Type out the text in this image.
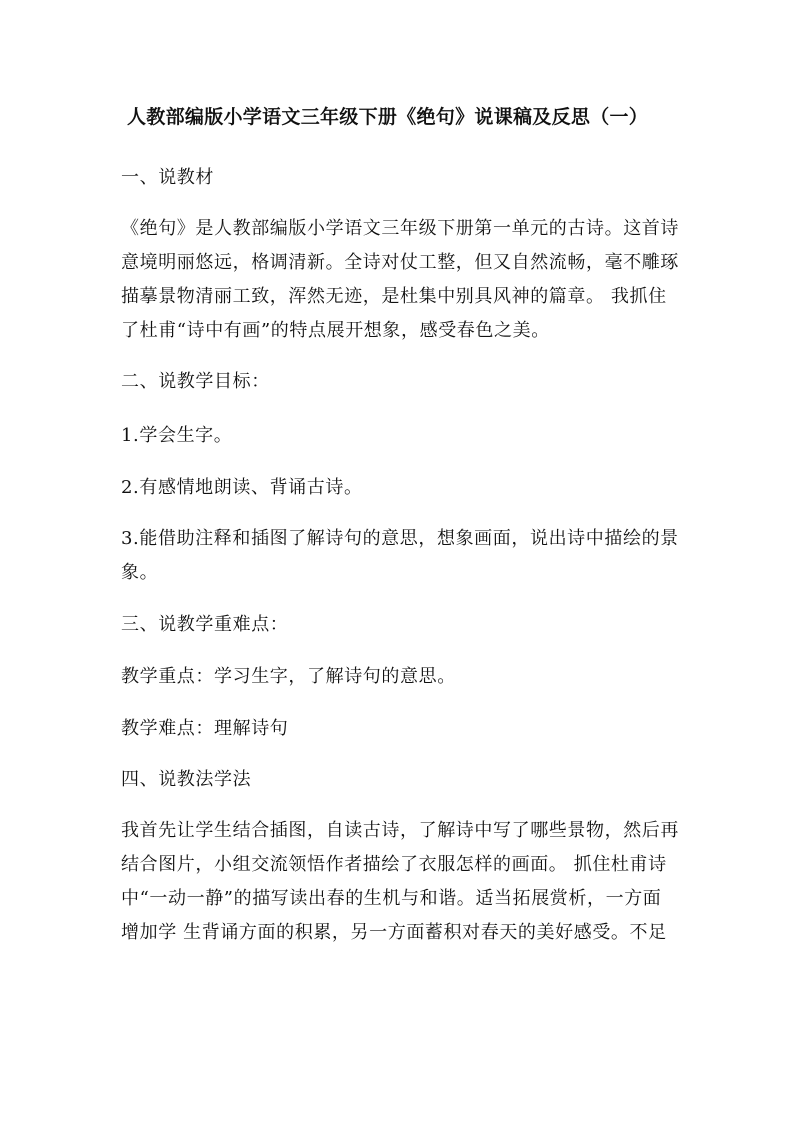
人教部编版小学语文三年级下册《绝句》说课稿及反思（一）
一、说教材
《绝句》是人教部编版小学语文三年级下册第一单元的古诗。这首诗
意境明丽悠远，格调清新。全诗对仗工整，但又自然流畅，毫不雕琢
描摹景物清丽工致，浑然无迹，是杜集中别具风神的篇章。 我抓住
了杜甫“诗中有画”的特点展开想象，感受春色之美。
二、说教学目标：
1.学会生字。
2.有感情地朗读、背诵古诗。
3.能借助注释和插图了解诗句的意思，想象画面，说出诗中描绘的景
象。
三、说教学重难点：
教学重点：学习生字，了解诗句的意思。
教学难点：理解诗句
四、说教法学法
我首先让学生结合插图，自读古诗，了解诗中写了哪些景物，然后再
结合图片，小组交流领悟作者描绘了衣服怎样的画面。 抓住杜甫诗
中“一动一静”的描写读出春的生机与和谐。适当拓展赏析，一方面
增加学 生背诵方面的积累，另一方面蓄积对春天的美好感受。不足
